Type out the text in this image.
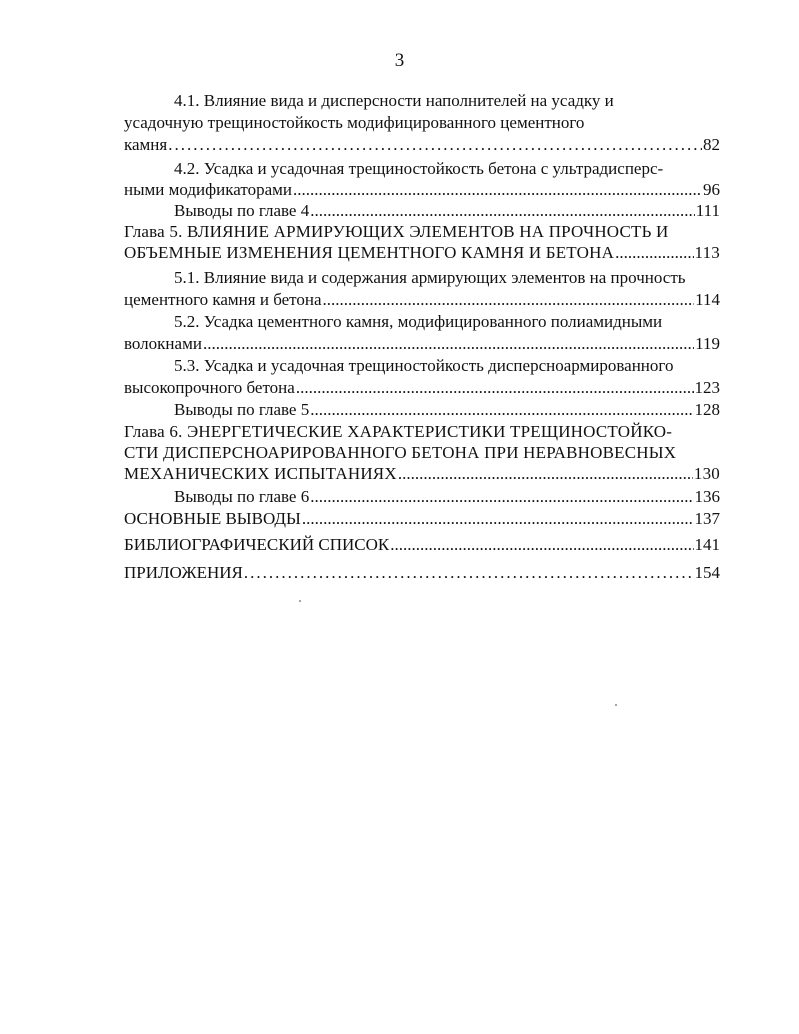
3
4.1. Влияние вида и дисперсности наполнителей на усадку и
усадочную трещиностойкость модифицированного цементного
камня .....	82
4.2. Усадка и усадочная трещиностойкость бетона с ультрадисперс-
ными модификаторами .....	96
Выводы по главе 4 .....	111
Глава 5. ВЛИЯНИЕ АРМИРУЮЩИХ ЭЛЕМЕНТОВ НА ПРОЧНОСТЬ И
ОБЪЕМНЫЕ ИЗМЕНЕНИЯ ЦЕМЕНТНОГО КАМНЯ И БЕТОНА .....	113
5.1. Влияние вида и содержания армирующих элементов на прочность
цементного камня и бетона .....	114
5.2. Усадка цементного камня, модифицированного полиамидными
волокнами .....	119
5.3. Усадка и усадочная трещиностойкость дисперсноармированного
высокопрочного бетона .....	123
Выводы по главе 5 .....	128
Глава 6. ЭНЕРГЕТИЧЕСКИЕ ХАРАКТЕРИСТИКИ ТРЕЩИНОСТОЙКО-
СТИ ДИСПЕРСНОАРИРОВАННОГО БЕТОНА ПРИ НЕРАВНОВЕСНЫХ
МЕХАНИЧЕСКИХ ИСПЫТАНИЯХ .....	130
Выводы по главе 6 .....	136
ОСНОВНЫЕ ВЫВОДЫ .....	137
БИБЛИОГРАФИЧЕСКИЙ СПИСОК .....	141
ПРИЛОЖЕНИЯ .....	154
